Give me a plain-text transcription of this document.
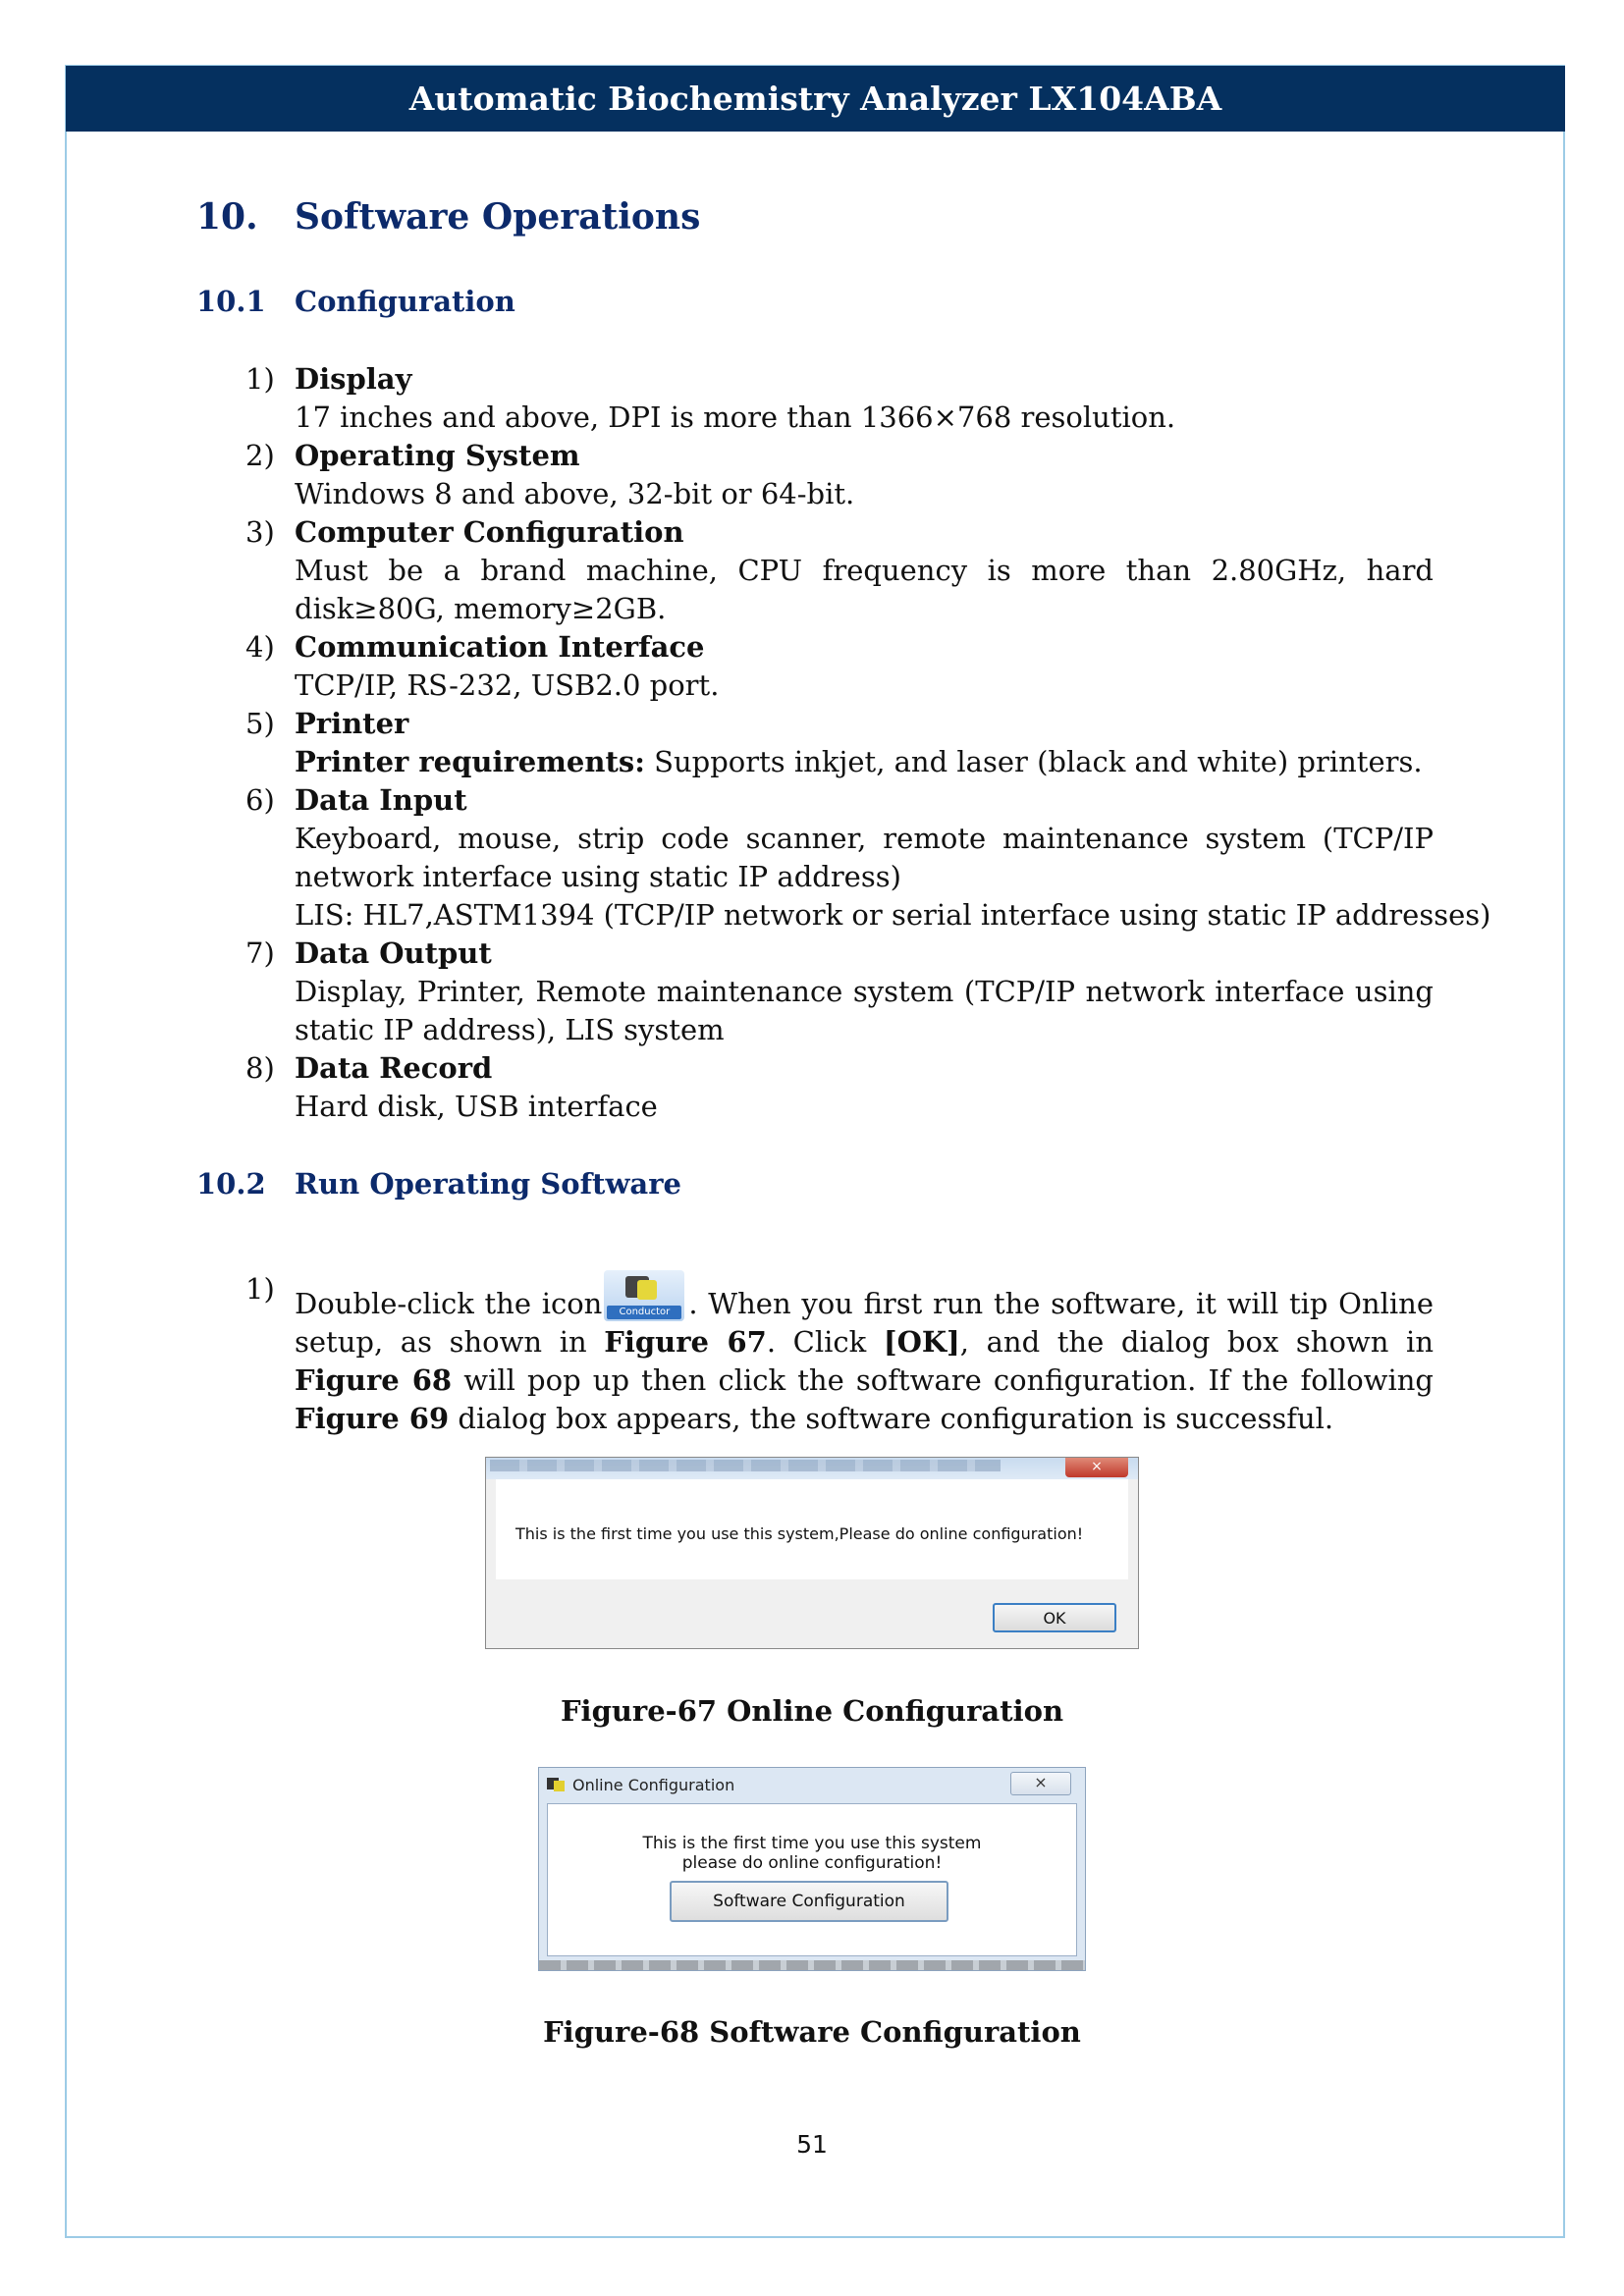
Automatic Biochemistry Analyzer LX104ABA
10. Software Operations
10.1 Configuration
1) Display
17 inches and above, DPI is more than 1366×768 resolution.
2) Operating System
Windows 8 and above, 32-bit or 64-bit.
3) Computer Configuration
Must be a brand machine, CPU frequency is more than 2.80GHz, hard disk≥80G, memory≥2GB.
4) Communication Interface
TCP/IP, RS-232, USB2.0 port.
5) Printer
Printer requirements: Supports inkjet, and laser (black and white) printers.
6) Data Input
Keyboard, mouse, strip code scanner, remote maintenance system (TCP/IP network interface using static IP address)
LIS: HL7,ASTM1394 (TCP/IP network or serial interface using static IP addresses)
7) Data Output
Display, Printer, Remote maintenance system (TCP/IP network interface using static IP address), LIS system
8) Data Record
Hard disk, USB interface
10.2 Run Operating Software
1) Double-click the icon	Conductor . When you first run the software, it will tip Online setup, as shown in Figure 67. Click [OK], and the dialog box shown in Figure 68 will pop up then click the software configuration. If the following Figure 69 dialog box appears, the software configuration is successful.
×
This is the first time you use this system,Please do online configuration!
OK
Figure-67 Online Configuration
Online Configuration	⨯
This is the first time you use this system
please do online configuration!
Software Configuration
Figure-68 Software Configuration
51
